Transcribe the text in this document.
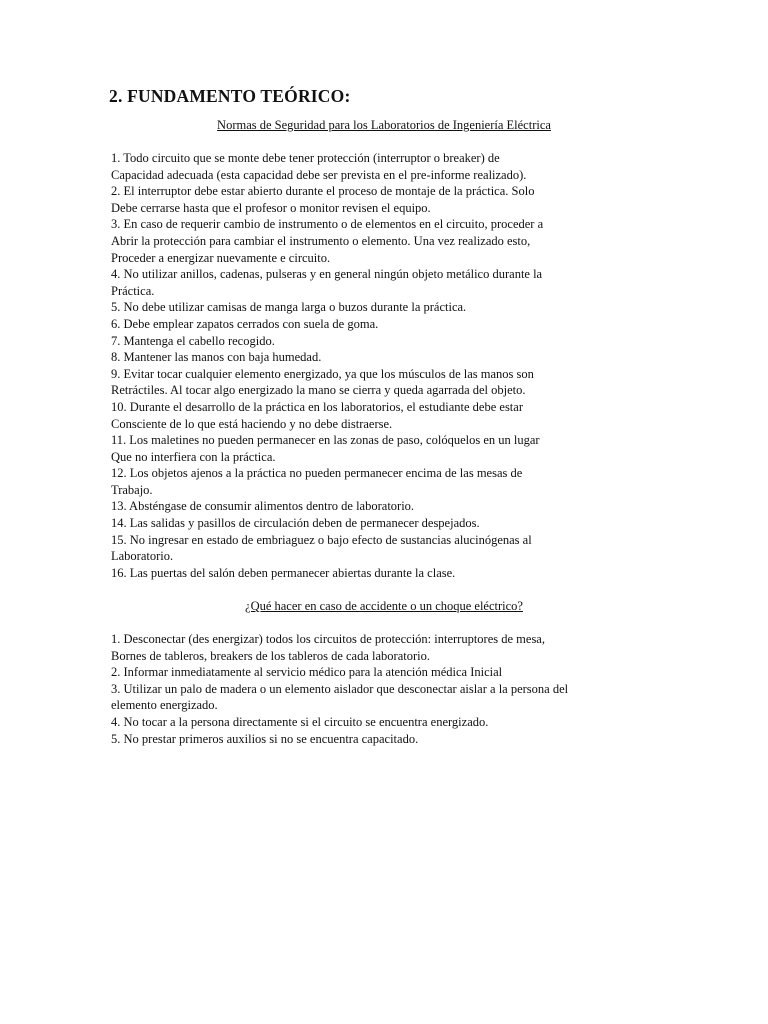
2. FUNDAMENTO TEÓRICO:
Normas de Seguridad para los Laboratorios de Ingeniería Eléctrica
1. Todo circuito que se monte debe tener protección (interruptor o breaker) de
Capacidad adecuada (esta capacidad debe ser prevista en el pre-informe realizado).
2. El interruptor debe estar abierto durante el proceso de montaje de la práctica. Solo
Debe cerrarse hasta que el profesor o monitor revisen el equipo.
3. En caso de requerir cambio de instrumento o de elementos en el circuito, proceder a
Abrir la protección para cambiar el instrumento o elemento. Una vez realizado esto,
Proceder a energizar nuevamente e circuito.
4. No utilizar anillos, cadenas, pulseras y en general ningún objeto metálico durante la
Práctica.
5. No debe utilizar camisas de manga larga o buzos durante la práctica.
6. Debe emplear zapatos cerrados con suela de goma.
7. Mantenga el cabello recogido.
8. Mantener las manos con baja humedad.
9. Evitar tocar cualquier elemento energizado, ya que los músculos de las manos son
Retráctiles. Al tocar algo energizado la mano se cierra y queda agarrada del objeto.
10. Durante el desarrollo de la práctica en los laboratorios, el estudiante debe estar
Consciente de lo que está haciendo y no debe distraerse.
11. Los maletines no pueden permanecer en las zonas de paso, colóquelos en un lugar
Que no interfiera con la práctica.
12. Los objetos ajenos a la práctica no pueden permanecer encima de las mesas de
Trabajo.
13. Absténgase de consumir alimentos dentro de laboratorio.
14. Las salidas y pasillos de circulación deben de permanecer despejados.
15. No ingresar en estado de embriaguez o bajo efecto de sustancias alucinógenas al
Laboratorio.
16. Las puertas del salón deben permanecer abiertas durante la clase.
¿Qué hacer en caso de accidente o un choque eléctrico?
1. Desconectar (des energizar) todos los circuitos de protección: interruptores de mesa,
Bornes de tableros, breakers de los tableros de cada laboratorio.
2. Informar inmediatamente al servicio médico para la atención médica Inicial
3. Utilizar un palo de madera o un elemento aislador que desconectar aislar a la persona del
elemento energizado.
4. No tocar a la persona directamente si el circuito se encuentra energizado.
5. No prestar primeros auxilios si no se encuentra capacitado.
